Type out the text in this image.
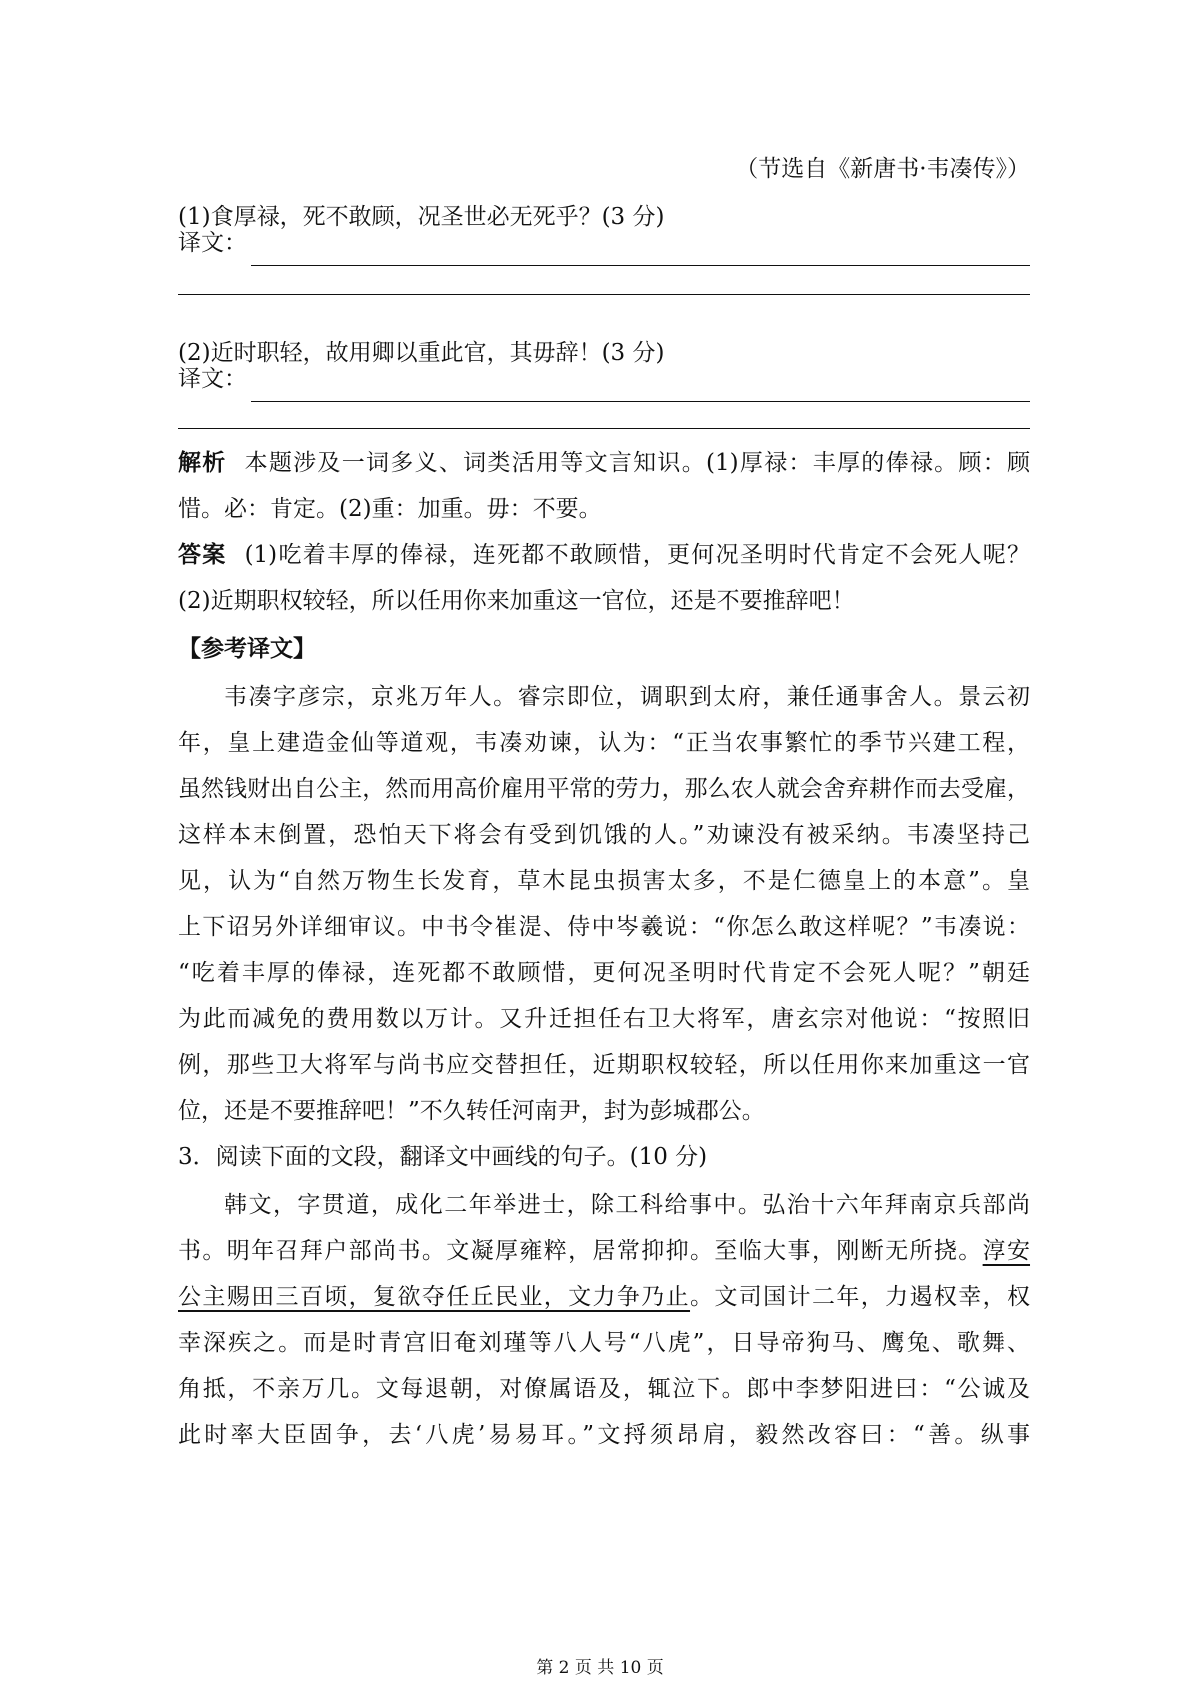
（节选自《新唐书·韦凑传》）
(1)食厚禄，死不敢顾，况圣世必无死乎？(3 分)
译文：
(2)近时职轻，故用卿以重此官，其毋辞！(3 分)
译文：
解析 本题涉及一词多义、词类活用等文言知识。(1)厚禄：丰厚的俸禄。顾：顾
惜。必：肯定。(2)重：加重。毋：不要。
答案 (1)吃着丰厚的俸禄，连死都不敢顾惜，更何况圣明时代肯定不会死人呢？
(2)近期职权较轻，所以任用你来加重这一官位，还是不要推辞吧！
【参考译文】
韦凑字彦宗，京兆万年人。睿宗即位，调职到太府，兼任通事舍人。景云初
年，皇上建造金仙等道观，韦凑劝谏，认为：“正当农事繁忙的季节兴建工程，
虽然钱财出自公主，然而用高价雇用平常的劳力，那么农人就会舍弃耕作而去受雇，
这样本末倒置，恐怕天下将会有受到饥饿的人。”劝谏没有被采纳。韦凑坚持己
见，认为“自然万物生长发育，草木昆虫损害太多，不是仁德皇上的本意”。皇
上下诏另外详细审议。中书令崔湜、侍中岑羲说：“你怎么敢这样呢？”韦凑说：
“吃着丰厚的俸禄，连死都不敢顾惜，更何况圣明时代肯定不会死人呢？”朝廷
为此而减免的费用数以万计。又升迁担任右卫大将军，唐玄宗对他说：“按照旧
例，那些卫大将军与尚书应交替担任，近期职权较轻，所以任用你来加重这一官
位，还是不要推辞吧！”不久转任河南尹，封为彭城郡公。
3．阅读下面的文段，翻译文中画线的句子。(10 分)
韩文，字贯道，成化二年举进士，除工科给事中。弘治十六年拜南京兵部尚
书。明年召拜户部尚书。文凝厚雍粹，居常抑抑。至临大事，刚断无所挠。淳安
公主赐田三百顷，复欲夺任丘民业，文力争乃止。文司国计二年，力遏权幸，权
幸深疾之。而是时青宫旧奄刘瑾等八人号“八虎”，日导帝狗马、鹰兔、歌舞、
角抵，不亲万几。文每退朝，对僚属语及，辄泣下。郎中李梦阳进曰：“公诚及
此时率大臣固争，去‘八虎’易易耳。”文捋须昂肩，毅然改容曰：“善。纵事
第 2 页 共 10 页
